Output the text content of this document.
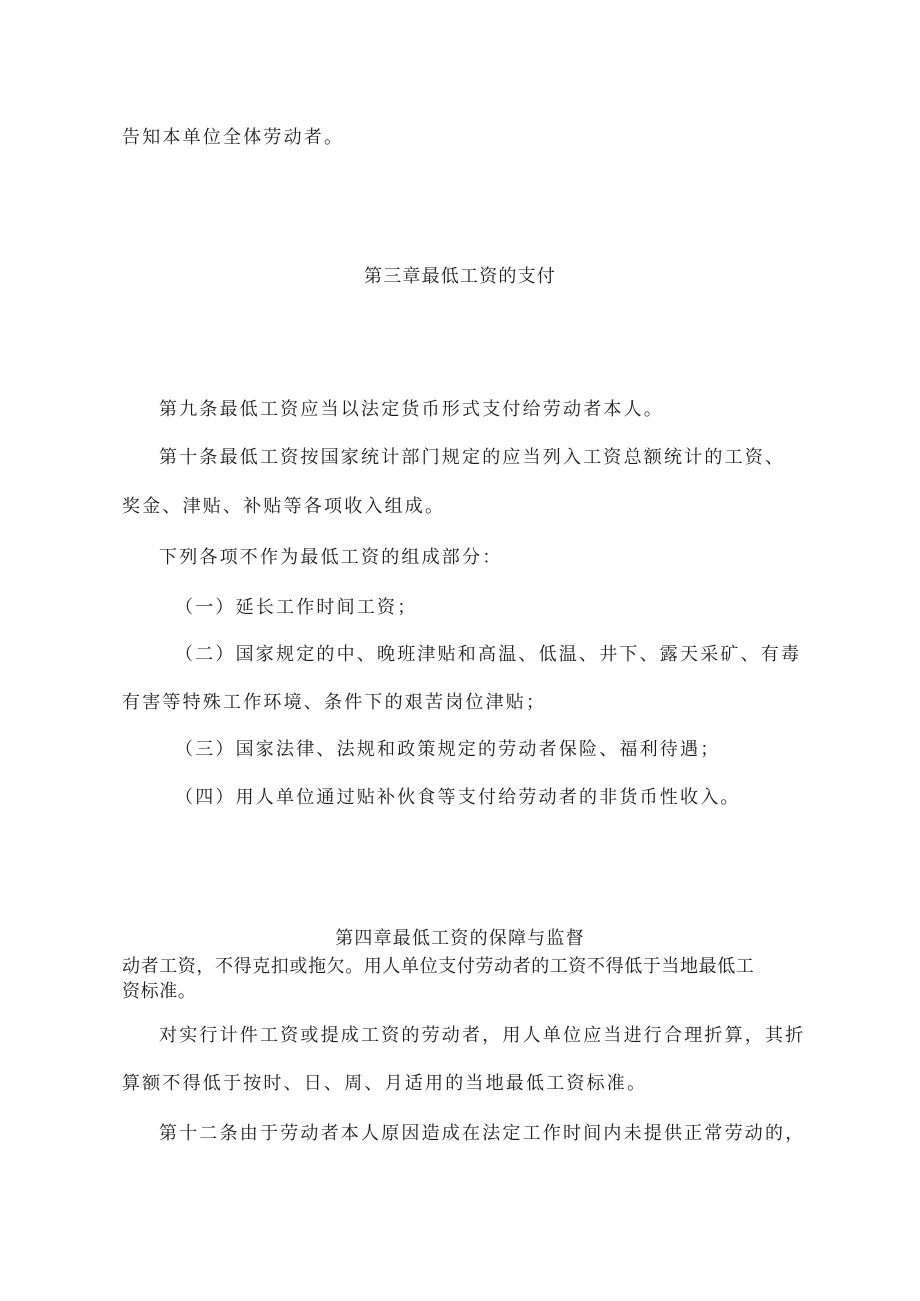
告知本单位全体劳动者。
第三章最低工资的支付
第九条最低工资应当以法定货币形式支付给劳动者本人。
第十条最低工资按国家统计部门规定的应当列入工资总额统计的工资、
奖金、津贴、补贴等各项收入组成。
下列各项不作为最低工资的组成部分：
（一）延长工作时间工资；
（二）国家规定的中、晚班津贴和高温、低温、井下、露天采矿、有毒
有害等特殊工作环境、条件下的艰苦岗位津贴；
（三）国家法律、法规和政策规定的劳动者保险、福利待遇；
（四）用人单位通过贴补伙食等支付给劳动者的非货币性收入。
第四章最低工资的保障与监督
动者工资，不得克扣或拖欠。用人单位支付劳动者的工资不得低于当地最低工
资标准。
对实行计件工资或提成工资的劳动者，用人单位应当进行合理折算，其折
算额不得低于按时、日、周、月适用的当地最低工资标准。
第十二条由于劳动者本人原因造成在法定工作时间内未提供正常劳动的，
